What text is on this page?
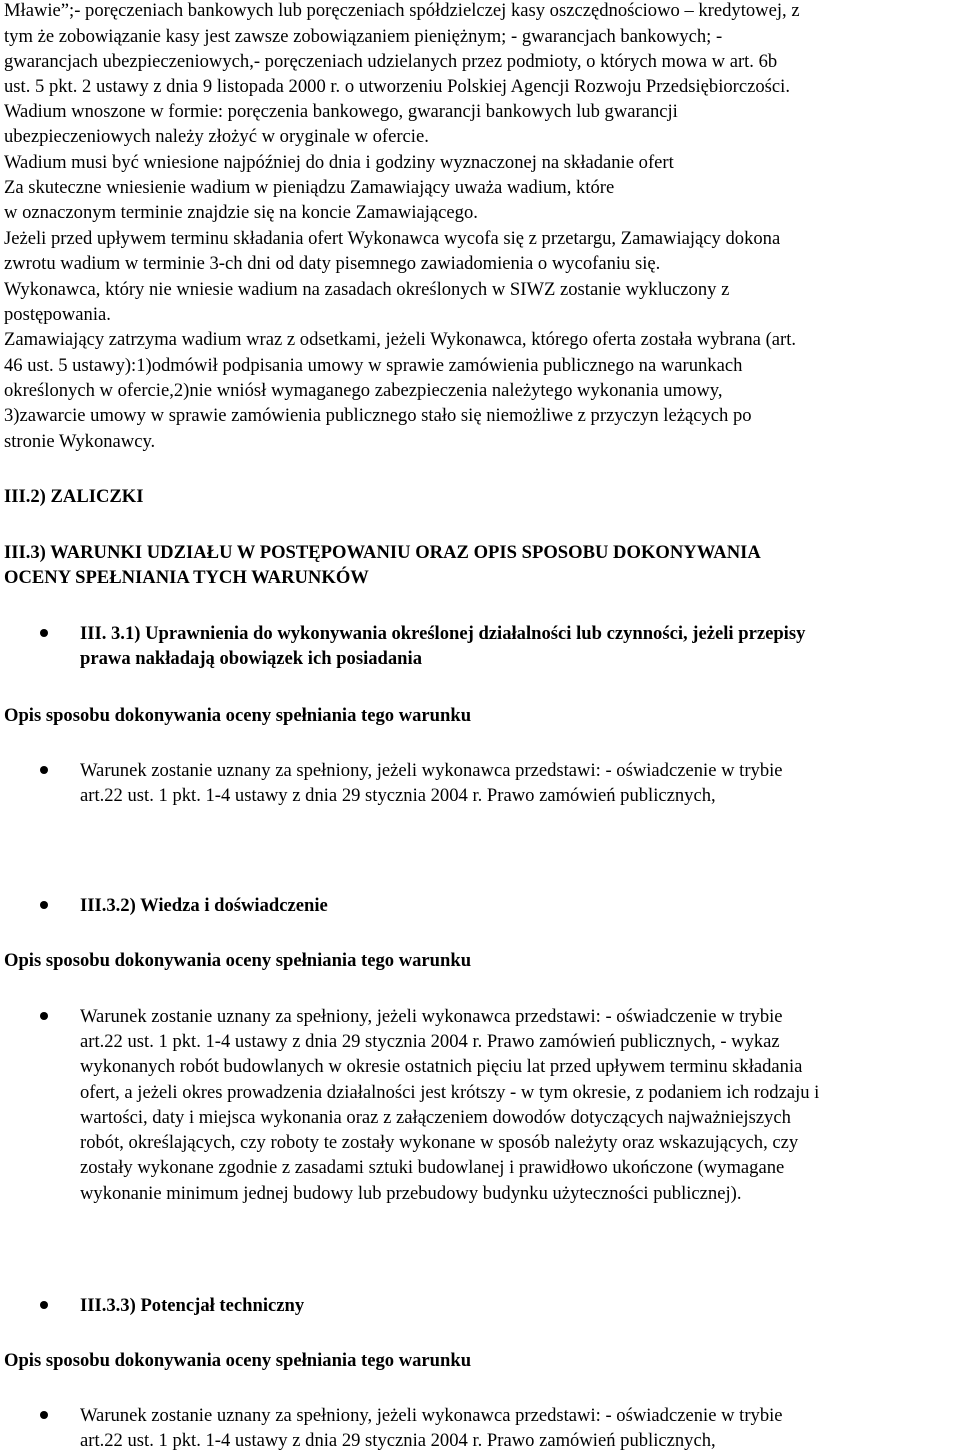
Mławie”;- poręczeniach bankowych lub poręczeniach spółdzielczej kasy oszczędnościowo – kredytowej, z
tym że zobowiązanie kasy jest zawsze zobowiązaniem pieniężnym; - gwarancjach bankowych; -
gwarancjach ubezpieczeniowych,- poręczeniach udzielanych przez podmioty, o których mowa w art. 6b
ust. 5 pkt. 2 ustawy z dnia 9 listopada 2000 r. o utworzeniu Polskiej Agencji Rozwoju Przedsiębiorczości.
Wadium wnoszone w formie: poręczenia bankowego, gwarancji bankowych lub gwarancji
ubezpieczeniowych należy złożyć w oryginale w ofercie.
Wadium musi być wniesione najpóźniej do dnia i godziny wyznaczonej na składanie ofert
Za skuteczne wniesienie wadium w pieniądzu Zamawiający uważa wadium, które
w oznaczonym terminie znajdzie się na koncie Zamawiającego.
Jeżeli przed upływem terminu składania ofert Wykonawca wycofa się z przetargu, Zamawiający dokona
zwrotu wadium w terminie 3-ch dni od daty pisemnego zawiadomienia o wycofaniu się.
Wykonawca, który nie wniesie wadium na zasadach określonych w SIWZ zostanie wykluczony z
postępowania.
Zamawiający zatrzyma wadium wraz z odsetkami, jeżeli Wykonawca, którego oferta została wybrana (art.
46 ust. 5 ustawy):1)odmówił podpisania umowy w sprawie zamówienia publicznego na warunkach
określonych w ofercie,2)nie wniósł wymaganego zabezpieczenia należytego wykonania umowy,
3)zawarcie umowy w sprawie zamówienia publicznego stało się niemożliwe z przyczyn leżących po
stronie Wykonawcy.
III.2) ZALICZKI
III.3) WARUNKI UDZIAŁU W POSTĘPOWANIU ORAZ OPIS SPOSOBU DOKONYWANIA
OCENY SPEŁNIANIA TYCH WARUNKÓW
III. 3.1) Uprawnienia do wykonywania określonej działalności lub czynności, jeżeli przepisy
prawa nakładają obowiązek ich posiadania
Opis sposobu dokonywania oceny spełniania tego warunku
Warunek zostanie uznany za spełniony, jeżeli wykonawca przedstawi: - oświadczenie w trybie
art.22 ust. 1 pkt. 1-4 ustawy z dnia 29 stycznia 2004 r. Prawo zamówień publicznych,
III.3.2) Wiedza i doświadczenie
Opis sposobu dokonywania oceny spełniania tego warunku
Warunek zostanie uznany za spełniony, jeżeli wykonawca przedstawi: - oświadczenie w trybie
art.22 ust. 1 pkt. 1-4 ustawy z dnia 29 stycznia 2004 r. Prawo zamówień publicznych, - wykaz
wykonanych robót budowlanych w okresie ostatnich pięciu lat przed upływem terminu składania
ofert, a jeżeli okres prowadzenia działalności jest krótszy - w tym okresie, z podaniem ich rodzaju i
wartości, daty i miejsca wykonania oraz z załączeniem dowodów dotyczących najważniejszych
robót, określających, czy roboty te zostały wykonane w sposób należyty oraz wskazujących, czy
zostały wykonane zgodnie z zasadami sztuki budowlanej i prawidłowo ukończone (wymagane
wykonanie minimum jednej budowy lub przebudowy budynku użyteczności publicznej).
III.3.3) Potencjał techniczny
Opis sposobu dokonywania oceny spełniania tego warunku
Warunek zostanie uznany za spełniony, jeżeli wykonawca przedstawi: - oświadczenie w trybie
art.22 ust. 1 pkt. 1-4 ustawy z dnia 29 stycznia 2004 r. Prawo zamówień publicznych,
